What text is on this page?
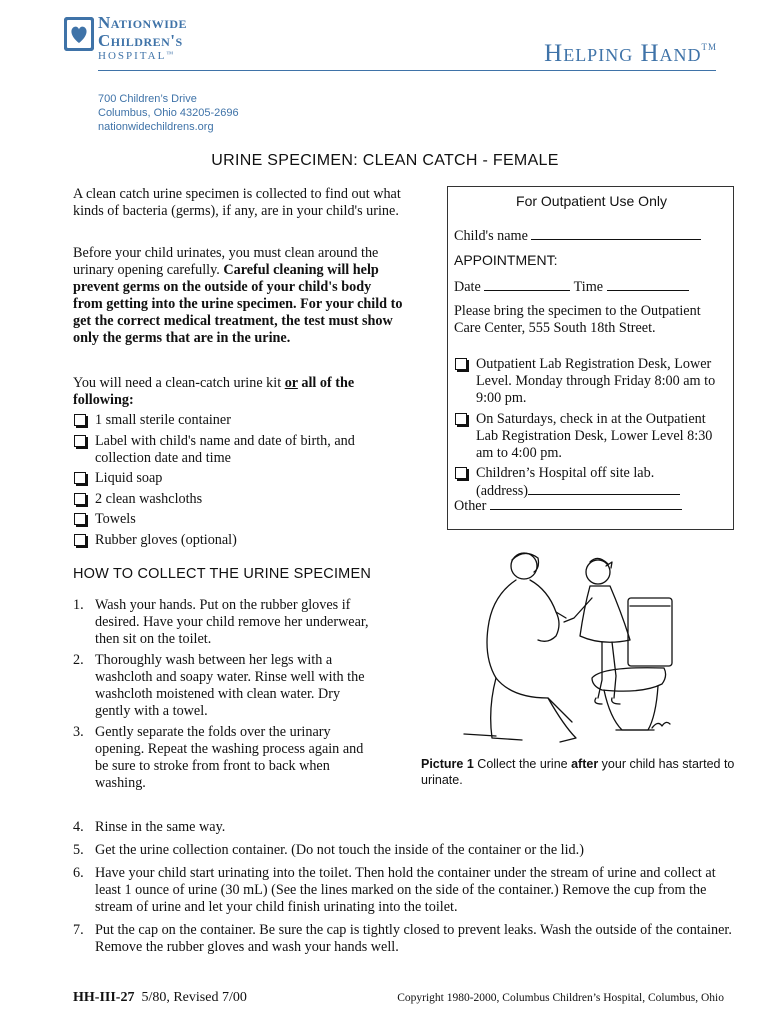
Nationwide
Children's
HOSPITAL™	Helping Hand™
700 Children’s Drive
Columbus, Ohio 43205-2696
nationwidechildrens.org
URINE SPECIMEN: CLEAN CATCH - FEMALE
A clean catch urine specimen is collected to find out what kinds of bacteria (germs), if any, are in your child's urine.
Before your child urinates, you must clean around the urinary opening carefully. Careful cleaning will help prevent germs on the outside of your child's body from getting into the urine specimen. For your child to get the correct medical treatment, the test must show only the germs that are in the urine.
You will need a clean-catch urine kit or all of the following:
1 small sterile container
Label with child's name and date of birth, and collection date and time
Liquid soap
2 clean washcloths
Towels
Rubber gloves (optional)
For Outpatient Use Only
Child's name
APPOINTMENT:
Date	Time
Please bring the specimen to the Outpatient Care Center, 555 South 18th Street.
Outpatient Lab Registration Desk, Lower Level. Monday through Friday 8:00 am to 9:00 pm.
On Saturdays, check in at the Outpatient Lab Registration Desk, Lower Level 8:30 am to 4:00 pm.
Children’s Hospital off site lab.
(address)
Other
HOW TO COLLECT THE URINE SPECIMEN
1. Wash your hands. Put on the rubber gloves if desired. Have your child remove her underwear, then sit on the toilet.
2. Thoroughly wash between her legs with a washcloth and soapy water. Rinse well with the washcloth moistened with clean water. Dry gently with a towel.
3. Gently separate the folds over the urinary opening. Repeat the washing process again and be sure to stroke from front to back when washing.
Picture 1 Collect the urine after your child has started to urinate.
4. Rinse in the same way.
5. Get the urine collection container. (Do not touch the inside of the container or the lid.)
6. Have your child start urinating into the toilet. Then hold the container under the stream of urine and collect at least 1 ounce of urine (30 mL) (See the lines marked on the side of the container.) Remove the cup from the stream of urine and let your child finish urinating into the toilet.
7. Put the cap on the container. Be sure the cap is tightly closed to prevent leaks. Wash the outside of the container. Remove the rubber gloves and wash your hands well.
HH-III-27 5/80, Revised 7/00	Copyright 1980-2000, Columbus Children’s Hospital, Columbus, Ohio
